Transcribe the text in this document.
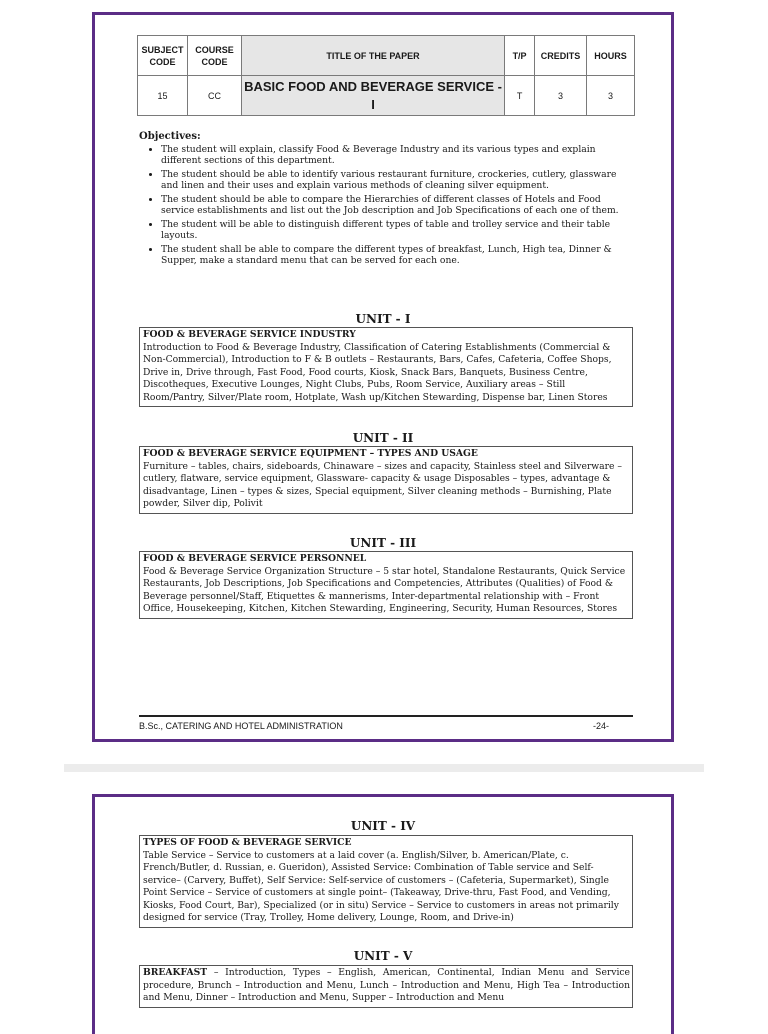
SUBJECT CODE	COURSE CODE	TITLE OF THE PAPER	T/P	CREDITS	HOURS
15	CC	BASIC FOOD AND BEVERAGE SERVICE - I	T	3	3
Objectives:
• The student will explain, classify Food & Beverage Industry and its various types and explain different sections of this department.
• The student should be able to identify various restaurant furniture, crockeries, cutlery, glassware and linen and their uses and explain various methods of cleaning silver equipment.
• The student should be able to compare the Hierarchies of different classes of Hotels and Food service establishments and list out the Job description and Job Specifications of each one of them.
• The student will be able to distinguish different types of table and trolley service and their table layouts.
• The student shall be able to compare the different types of breakfast, Lunch, High tea, Dinner & Supper, make a standard menu that can be served for each one.
UNIT - I
FOOD & BEVERAGE SERVICE INDUSTRY
Introduction to Food & Beverage Industry, Classification of Catering Establishments (Commercial & Non-Commercial), Introduction to F & B outlets – Restaurants, Bars, Cafes, Cafeteria, Coffee Shops, Drive in, Drive through, Fast Food, Food courts, Kiosk, Snack Bars, Banquets, Business Centre, Discotheques, Executive Lounges, Night Clubs, Pubs, Room Service, Auxiliary areas – Still Room/Pantry, Silver/Plate room, Hotplate, Wash up/Kitchen Stewarding, Dispense bar, Linen Stores
UNIT - II
FOOD & BEVERAGE SERVICE EQUIPMENT – TYPES AND USAGE
Furniture – tables, chairs, sideboards, Chinaware – sizes and capacity, Stainless steel and Silverware – cutlery, flatware, service equipment, Glassware- capacity & usage Disposables – types, advantage & disadvantage, Linen – types & sizes, Special equipment, Silver cleaning methods – Burnishing, Plate powder, Silver dip, Polivit
UNIT - III
FOOD & BEVERAGE SERVICE PERSONNEL
Food & Beverage Service Organization Structure – 5 star hotel, Standalone Restaurants, Quick Service Restaurants, Job Descriptions, Job Specifications and Competencies, Attributes (Qualities) of Food & Beverage personnel/Staff, Etiquettes & mannerisms, Inter-departmental relationship with – Front Office, Housekeeping, Kitchen, Kitchen Stewarding, Engineering, Security, Human Resources, Stores
B.Sc., CATERING AND HOTEL ADMINISTRATION	-24-
UNIT - IV
TYPES OF FOOD & BEVERAGE SERVICE
Table Service – Service to customers at a laid cover (a. English/Silver, b. American/Plate, c. French/Butler, d. Russian, e. Gueridon), Assisted Service: Combination of Table service and Self-service– (Carvery, Buffet), Self Service: Self-service of customers – (Cafeteria, Supermarket), Single Point Service – Service of customers at single point– (Takeaway, Drive-thru, Fast Food, and Vending, Kiosks, Food Court, Bar), Specialized (or in situ) Service – Service to customers in areas not primarily designed for service (Tray, Trolley, Home delivery, Lounge, Room, and Drive-in)
UNIT - V
BREAKFAST – Introduction, Types – English, American, Continental, Indian Menu and Service procedure, Brunch – Introduction and Menu, Lunch – Introduction and Menu, High Tea – Introduction and Menu, Dinner – Introduction and Menu, Supper – Introduction and Menu
